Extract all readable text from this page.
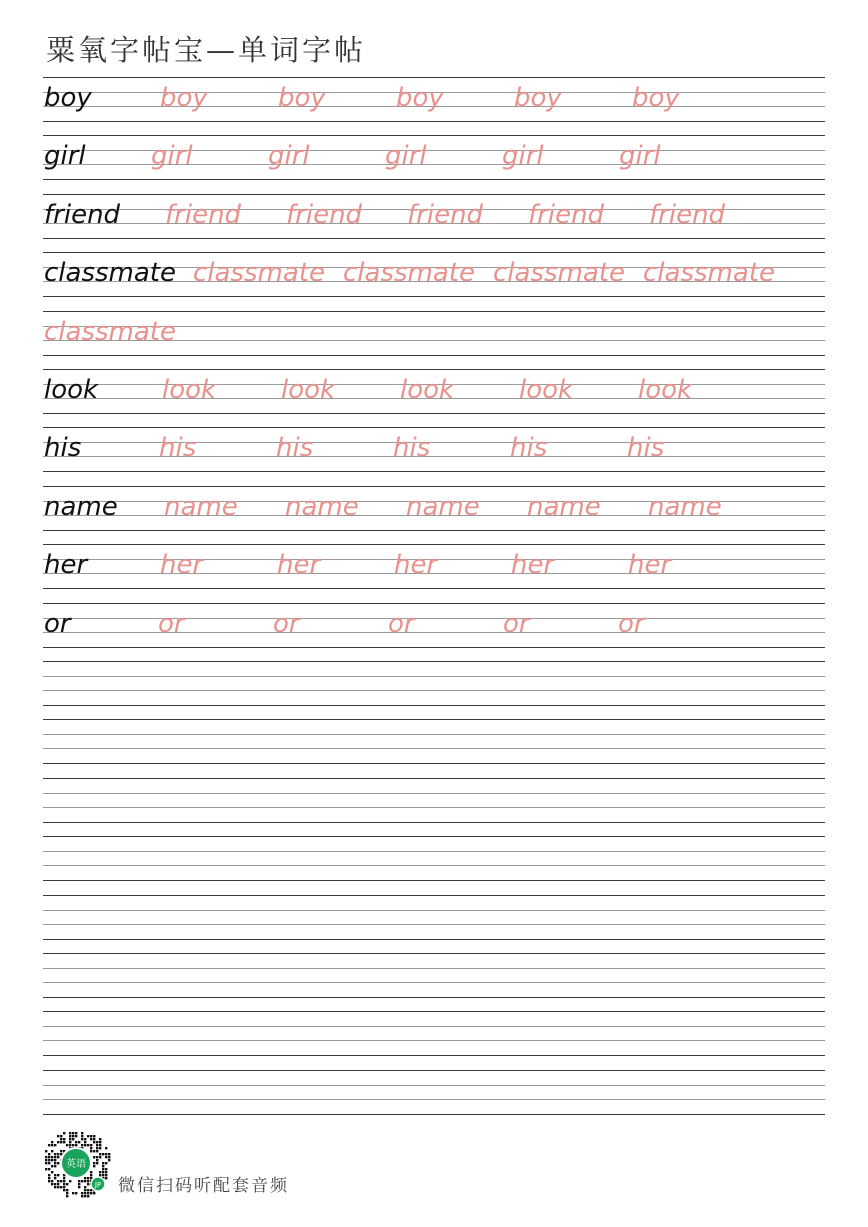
粟氧字帖宝—单词字帖
boy	boy	boy	boy	boy	boy
girl	girl	girl	girl	girl	girl
friend friend friend friend friend friend
classmate classmate classmate classmate classmate
classmate
look look look look look look
his	his	his	his	his	his
name name name name name name
her	her	her	her	her	her
or	or	or	or	or	or
英语
JP 微信扫码听配套音频
